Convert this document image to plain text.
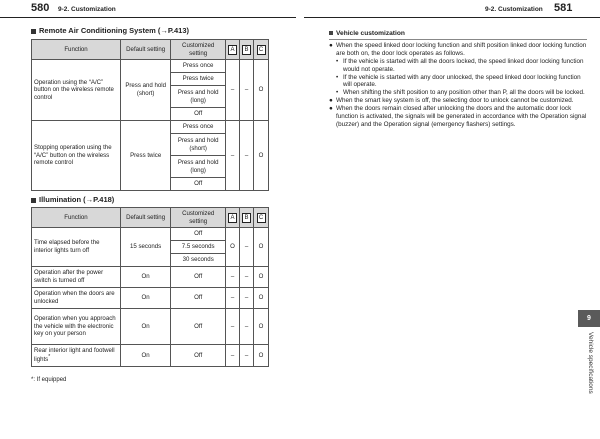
580 9-2. Customization	9-2. Customization 581
Remote Air Conditioning System (→P.413)
Function	Default setting	Customized setting	A	B	C
Operation using the “A/C” button on the wireless remote control	Press and hold (short)	Press once	–	–	O
		Press twice			
		Press and hold (long)			
		Off			
Stopping operation using the “A/C” button on the wireless remote control	Press twice	Press once	–	–	O
		Press and hold (short)			
		Press and hold (long)			
		Off			
Illumination (→P.418)
Function	Default setting	Customized setting	A	B	C
Time elapsed before the interior lights turn off	15 seconds	Off	O	–	O
		7.5 seconds			
		30 seconds			
Operation after the power switch is turned off	On	Off	–	–	O
Operation when the doors are unlocked	On	Off	–	–	O
Operation when you approach the vehicle with the electronic key on your person	On	Off	–	–	O
Rear interior light and footwell lights*	On	Off	–	–	O
*: If equipped
Vehicle customization
● When the speed linked door locking function and shift position linked door locking function are both on, the door lock operates as follows.
• If the vehicle is started with all the doors locked, the speed linked door locking function would not operate.
• If the vehicle is started with any door unlocked, the speed linked door locking function will operate.
• When shifting the shift position to any position other than P, all the doors will be locked.
● When the smart key system is off, the selecting door to unlock cannot be customized.
● When the doors remain closed after unlocking the doors and the automatic door lock function is activated, the signals will be generated in accordance with the Operation signal (buzzer) and the Operation signal (emergency flashers) settings.
9
Vehicle specifications
